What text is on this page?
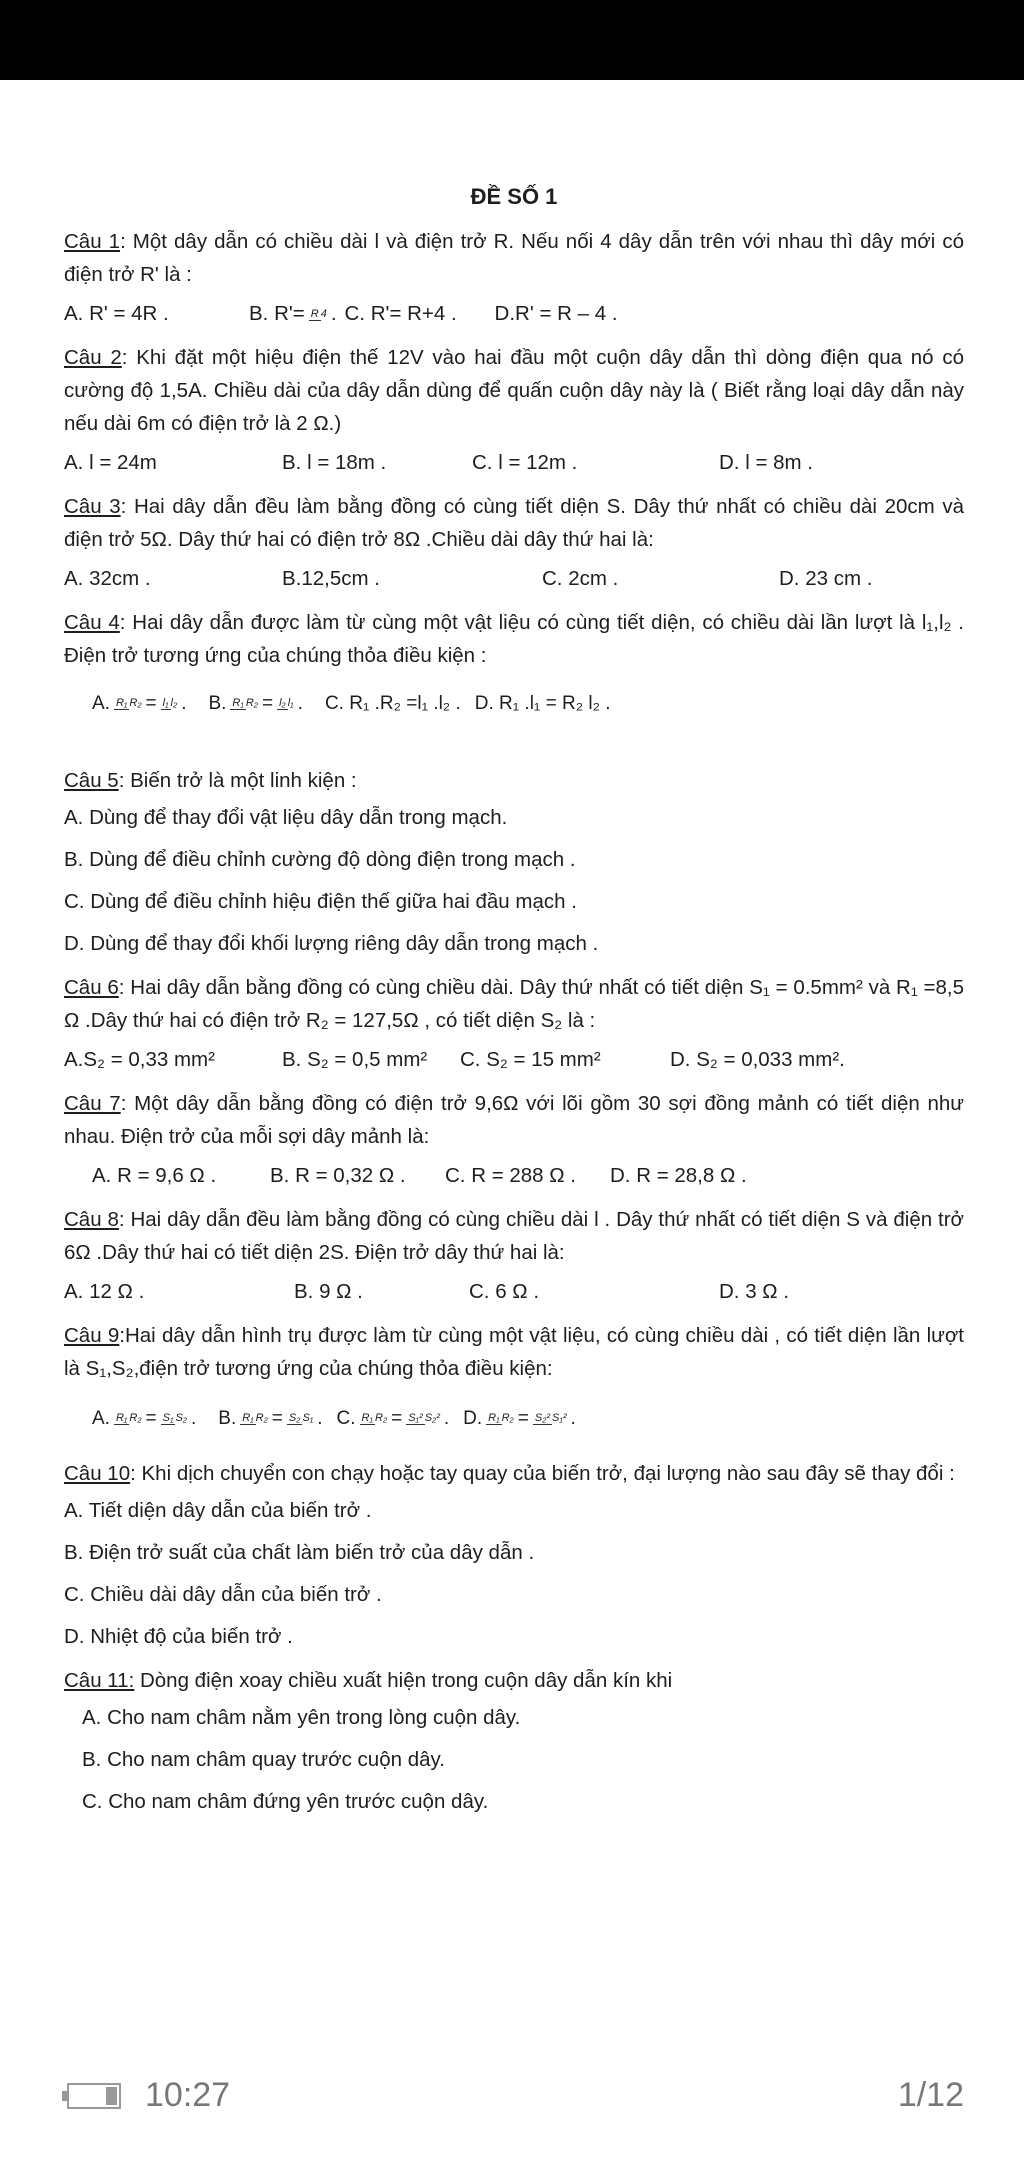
ĐỀ SỐ 1
Câu 1: Một dây dẫn có chiều dài l và điện trở R. Nếu nối 4 dây dẫn trên với nhau thì dây mới có điện trở R' là :
A. R' = 4R .	B. R'= R 4 . C. R'= R+4 .	D.R' = R – 4 .
Câu 2: Khi đặt một hiệu điện thế 12V vào hai đầu một cuộn dây dẫn thì dòng điện qua nó có cường độ 1,5A. Chiều dài của dây dẫn dùng để quấn cuộn dây này là ( Biết rằng loại dây dẫn này nếu dài 6m có điện trở là 2 Ω.)
A. l = 24m	B. l = 18m .	C. l = 12m .	D. l = 8m .
Câu 3: Hai dây dẫn đều làm bằng đồng có cùng tiết diện S. Dây thứ nhất có chiều dài 20cm và điện trở 5Ω. Dây thứ hai có điện trở 8Ω .Chiều dài dây thứ hai là:
A. 32cm .	B.12,5cm .	C. 2cm .	D. 23 cm .
Câu 4: Hai dây dẫn được làm từ cùng một vật liệu có cùng tiết diện, có chiều dài lần lượt là l₁,l₂ . Điện trở tương ứng của chúng thỏa điều kiện :
A. R₁ R₂ = l₁ l₂ . B. R₁ R₂ = l₂ l₁ . C. R₁ .R₂ =l₁ .l₂ . D. R₁ .l₁ = R₂ l₂ .
Câu 5: Biến trở là một linh kiện :
A. Dùng để thay đổi vật liệu dây dẫn trong mạch.
B. Dùng để điều chỉnh cường độ dòng điện trong mạch .
C. Dùng để điều chỉnh hiệu điện thế giữa hai đầu mạch .
D. Dùng để thay đổi khối lượng riêng dây dẫn trong mạch .
Câu 6: Hai dây dẫn bằng đồng có cùng chiều dài. Dây thứ nhất có tiết diện S₁ = 0.5mm² và R₁ =8,5 Ω .Dây thứ hai có điện trở R₂ = 127,5Ω , có tiết diện S₂ là :
A.S₂ = 0,33 mm²	B. S₂ = 0,5 mm²	C. S₂ = 15 mm²	D. S₂ = 0,033 mm².
Câu 7: Một dây dẫn bằng đồng có điện trở 9,6Ω với lõi gồm 30 sợi đồng mảnh có tiết diện như nhau. Điện trở của mỗi sợi dây mảnh là:
A. R = 9,6 Ω .	B. R = 0,32 Ω .	C. R = 288 Ω .	D. R = 28,8 Ω .
Câu 8: Hai dây dẫn đều làm bằng đồng có cùng chiều dài l . Dây thứ nhất có tiết diện S và điện trở 6Ω .Dây thứ hai có tiết diện 2S. Điện trở dây thứ hai là:
A. 12 Ω .	B. 9 Ω .	C. 6 Ω .	D. 3 Ω .
Câu 9:Hai dây dẫn hình trụ được làm từ cùng một vật liệu, có cùng chiều dài , có tiết diện lần lượt là S₁,S₂,điện trở tương ứng của chúng thỏa điều kiện:
A. R₁ R₂ = S₁ S₂ . B. R₁ R₂ = S₂ S₁ . C. R₁ R₂ = S₁² S₂² . D. R₁ R₂ = S₂² S₁² .
Câu 10: Khi dịch chuyển con chạy hoặc tay quay của biến trở, đại lượng nào sau đây sẽ thay đổi :
A. Tiết diện dây dẫn của biến trở .
B. Điện trở suất của chất làm biến trở của dây dẫn .
C. Chiều dài dây dẫn của biến trở .
D. Nhiệt độ của biến trở .
Câu 11: Dòng điện xoay chiều xuất hiện trong cuộn dây dẫn kín khi
A. Cho nam châm nằm yên trong lòng cuộn dây.
B. Cho nam châm quay trước cuộn dây.
C. Cho nam châm đứng yên trước cuộn dây.
10:27	1/12
